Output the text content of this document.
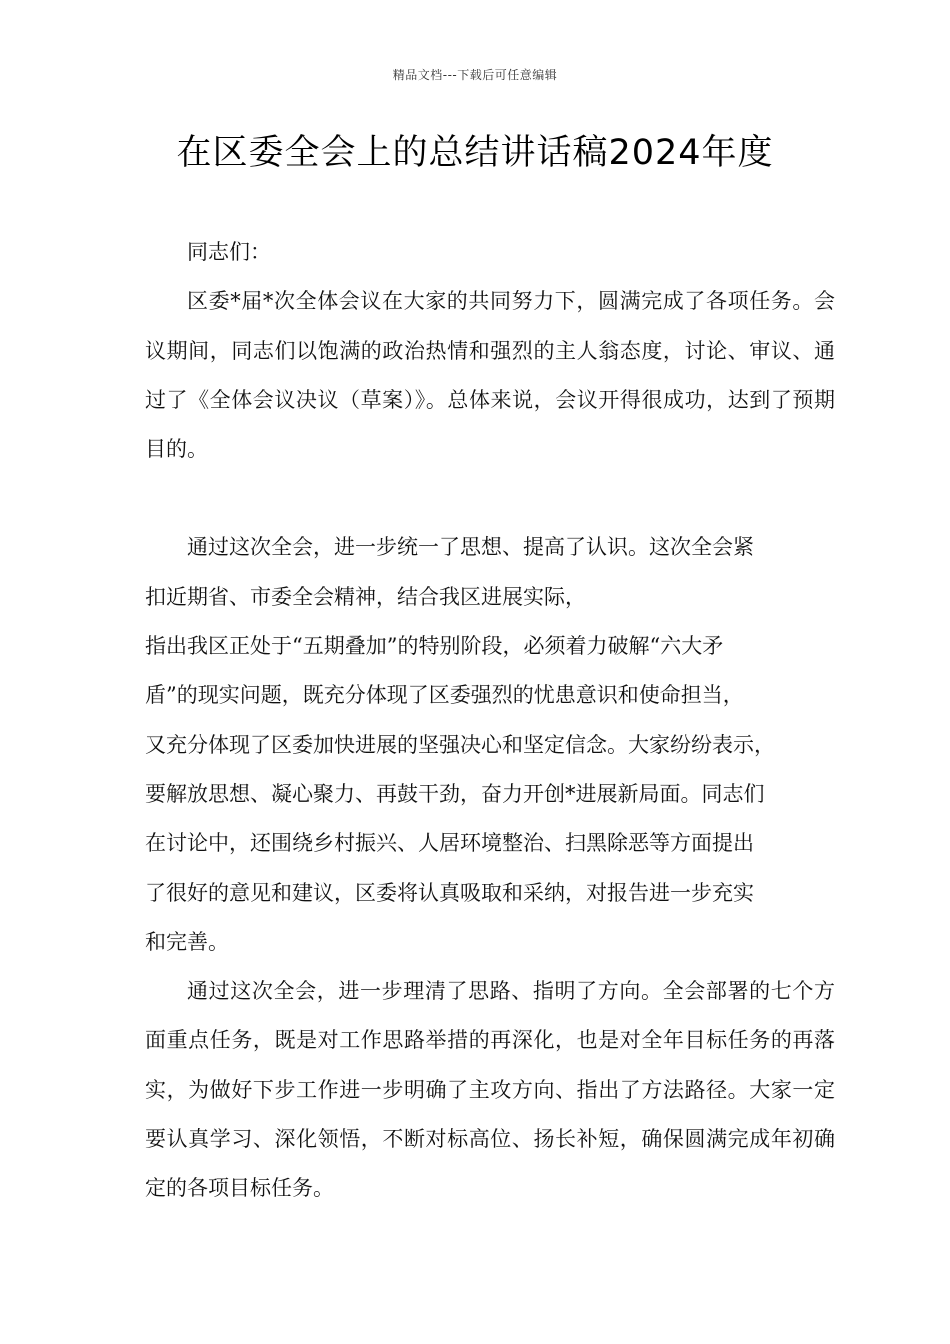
精品文档---下载后可任意编辑
在区委全会上的总结讲话稿2024年度

同志们：

区委*届*次全体会议在大家的共同努力下，圆满完成了各项任务。会议期间，同志们以饱满的政治热情和强烈的主人翁态度，讨论、审议、通过了《全体会议决议（草案）》。总体来说，会议开得很成功，达到了预期目的。

通过这次全会，进一步统一了思想、提高了认识。这次全会紧

扣近期省、市委全会精神，结合我区进展实际，

指出我区正处于“五期叠加”的特别阶段，必须着力破解“六大矛

盾”的现实问题，既充分体现了区委强烈的忧患意识和使命担当，

又充分体现了区委加快进展的坚强决心和坚定信念。大家纷纷表示，

要解放思想、凝心聚力、再鼓干劲，奋力开创*进展新局面。同志们

在讨论中，还围绕乡村振兴、人居环境整治、扫黑除恶等方面提出

了很好的意见和建议，区委将认真吸取和采纳，对报告进一步充实

和完善。

通过这次全会，进一步理清了思路、指明了方向。全会部署的七个方面重点任务，既是对工作思路举措的再深化，也是对全年目标任务的再落实，为做好下步工作进一步明确了主攻方向、指出了方法路径。大家一定要认真学习、深化领悟，不断对标高位、扬长补短，确保圆满完成年初确定的各项目标任务。
